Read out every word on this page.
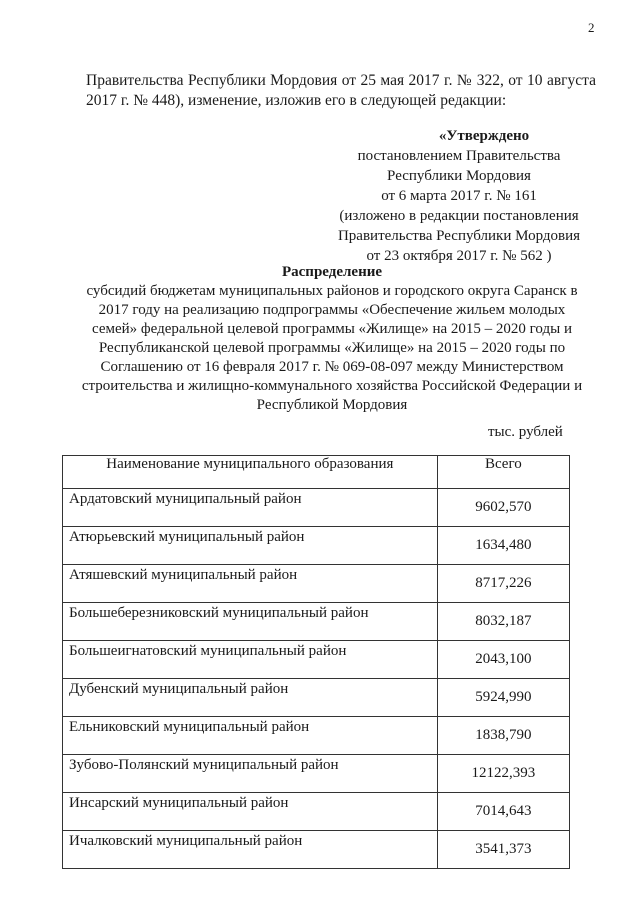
2
Правительства Республики Мордовия от 25 мая 2017 г. № 322, от 10 августа 2017 г. № 448), изменение, изложив его в следующей редакции:
«Утверждено
постановлением Правительства
Республики Мордовия
от 6 марта 2017 г. № 161
(изложено в редакции постановления
Правительства Республики Мордовия
от 23 октября 2017 г. № 562 )
Распределение
субсидий бюджетам муниципальных районов и городского округа Саранск в 2017 году на реализацию подпрограммы «Обеспечение жильем молодых семей» федеральной целевой программы «Жилище» на 2015 – 2020 годы и Республиканской целевой программы «Жилище» на 2015 – 2020 годы по Соглашению от 16 февраля 2017 г. № 069-08-097 между Министерством строительства и жилищно-коммунального хозяйства Российской Федерации и Республикой Мордовия
тыс. рублей
Наименование муниципального образования	Всего
Ардатовский муниципальный район	9602,570
Атюрьевский муниципальный район	1634,480
Атяшевский муниципальный район	8717,226
Большеберезниковский муниципальный район	8032,187
Большеигнатовский муниципальный район	2043,100
Дубенский муниципальный район	5924,990
Ельниковский муниципальный район	1838,790
Зубово-Полянский муниципальный район	12122,393
Инсарский муниципальный район	7014,643
Ичалковский муниципальный район	3541,373
